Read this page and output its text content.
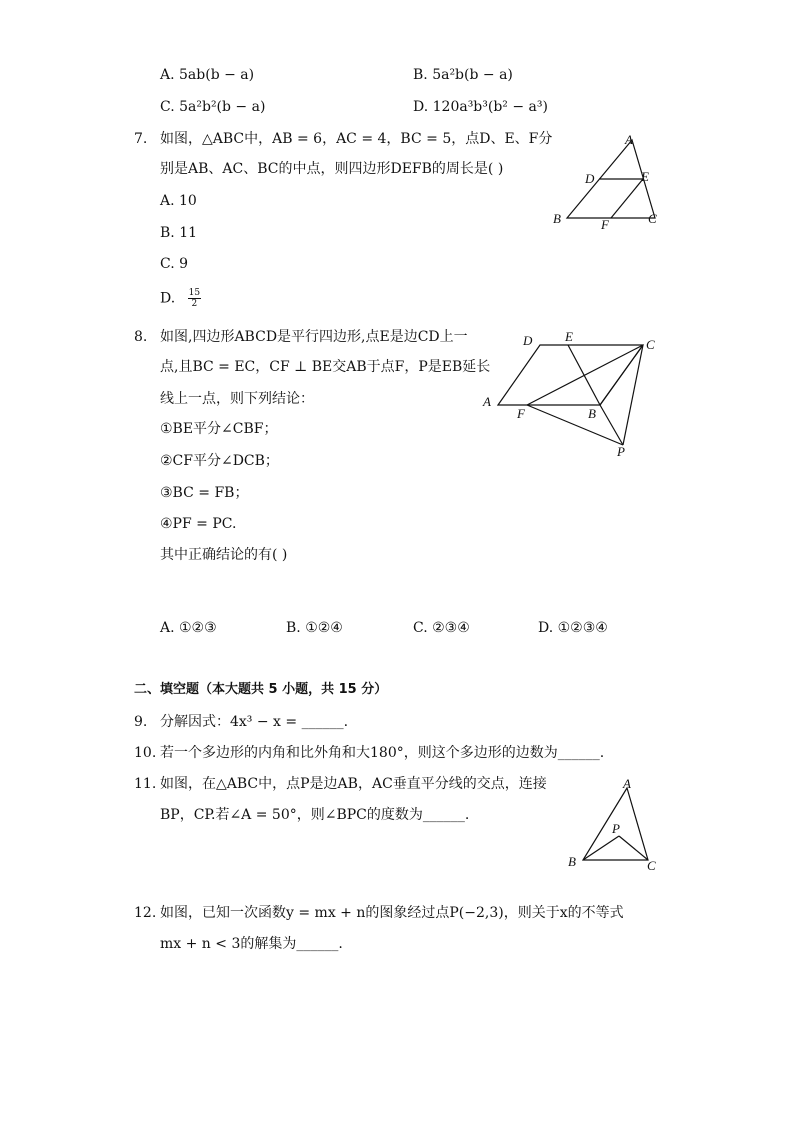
A. 5ab(b − a)	B. 5a²b(b − a)
C. 5a²b²(b − a)	D. 120a³b³(b² − a³)
7. 如图，△ABC中，AB = 6，AC = 4，BC = 5，点D、E、F分
别是AB、AC、BC的中点，则四边形DEFB的周长是( )
A. 10
B. 11
C. 9
D. $\frac{15}{2}$
A
D	E
B	C
F
8. 如图,四边形ABCD是平行四边形,点E是边CD上一
点,且BC = EC，CF ⊥ BE交AB于点F，P是EB延长
线上一点，则下列结论：
①BE平分∠CBF；
②CF平分∠DCB；
③BC = FB；
④PF = PC.
其中正确结论的有( )
A. ①②③	B. ①②④	C. ②③④	D. ①②③④
D	E
C
A
F	B
P
二、填空题（本大题共 5 小题，共 15 分）
9. 分解因式：4x³ − x = ______.
10. 若一个多边形的内角和比外角和大180°，则这个多边形的边数为______.
11. 如图，在△ABC中，点P是边AB，AC垂直平分线的交点，连接
BP，CP.若∠A = 50°，则∠BPC的度数为______.
A
P
B	C
12. 如图，已知一次函数y = mx + n的图象经过点P(−2,3)，则关于x的不等式
mx + n < 3的解集为______.
